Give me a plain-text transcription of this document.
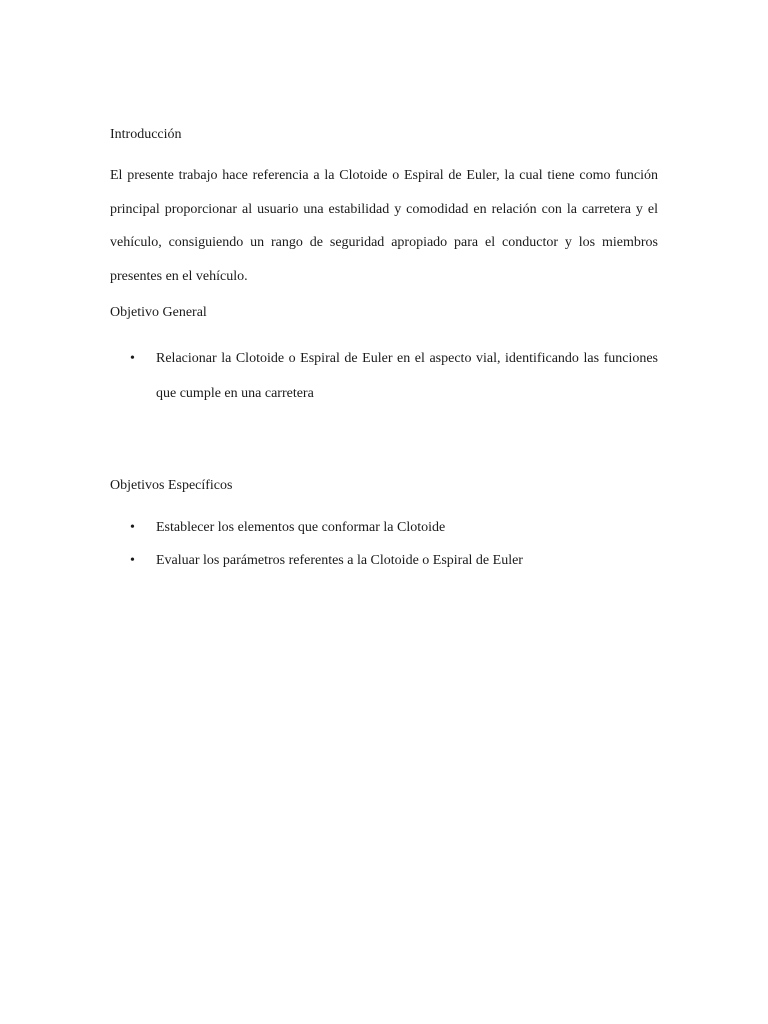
Introducción

El presente trabajo hace referencia a la Clotoide o Espiral de Euler, la cual tiene como función principal proporcionar al usuario una estabilidad y comodidad en relación con la carretera y el vehículo, consiguiendo un rango de seguridad apropiado para el conductor y los miembros presentes en el vehículo.

Objetivo General

• Relacionar la Clotoide o Espiral de Euler en el aspecto vial, identificando las funciones que cumple en una carretera

Objetivos Específicos

• Establecer los elementos que conformar la Clotoide
• Evaluar los parámetros referentes a la Clotoide o Espiral de Euler
